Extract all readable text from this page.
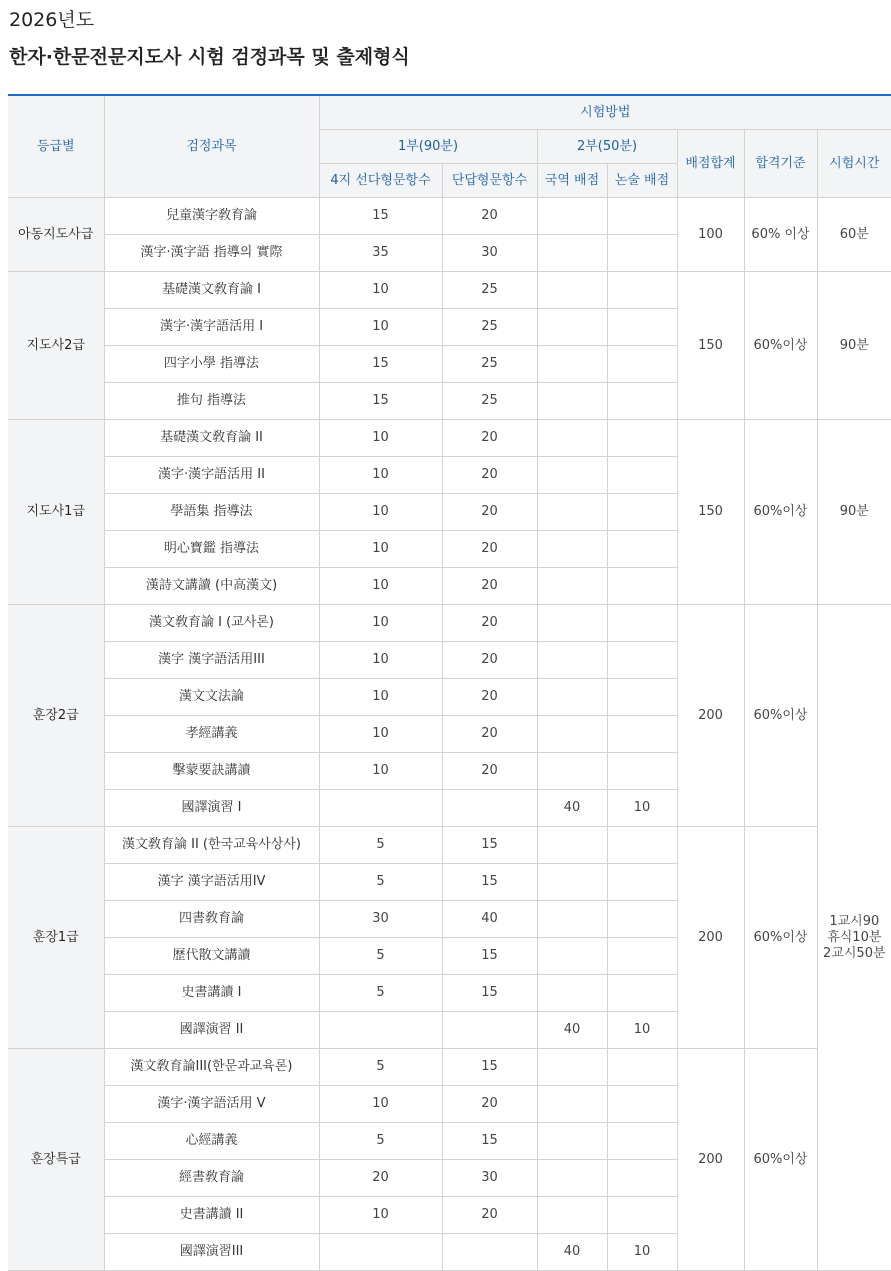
2026년도
한자·한문전문지도사 시험 검정과목 및 출제형식
등급별	검정과목	시험방법						
		1부(90분)		2부(50분)		배점합계	합격기준	시험시간
		4지 선다형문항수	단답형문항수	국역 배점	논술 배점			
아동지도사급	兒童漢字敎育論	15	20			100	60% 이상	60분
	漢字·漢字語 指導의 實際	35	30					
지도사2급	基礎漢文敎育論 I	10	25			150	60%이상	90분
	漢字·漢字語活用 I	10	25					
	四字小學 指導法	15	25					
	推句 指導法	15	25					
지도사1급	基礎漢文敎育論 II	10	20			150	60%이상	90분
	漢字·漢字語活用 II	10	20					
	學語集 指導法	10	20					
	明心寶鑑 指導法	10	20					
	漢詩文講讀 (中高漢文)	10	20					
훈장2급	漢文敎育論 I (교사론)	10	20			200	60%이상	1교시90
휴식10분
2교시50분

	漢字 漢字語活用III	10	20					
	漢文文法論	10	20					
	孝經講義	10	20					
	擊蒙要訣講讀	10	20					
	國譯演習 I			40	10			
훈장1급	漢文敎育論 II (한국교육사상사)	5	15			200	60%이상	
	漢字 漢字語活用IV	5	15					
	四書敎育論	30	40					
	歷代散文講讀	5	15					
	史書講讀 I	5	15					
	國譯演習 II			40	10			
훈장특급	漢文敎育論III(한문과교육론)	5	15			200	60%이상	
	漢字·漢字語活用 V	10	20					
	心經講義	5	15					
	經書敎育論	20	30					
	史書講讀 II	10	20					
	國譯演習III			40	10			
